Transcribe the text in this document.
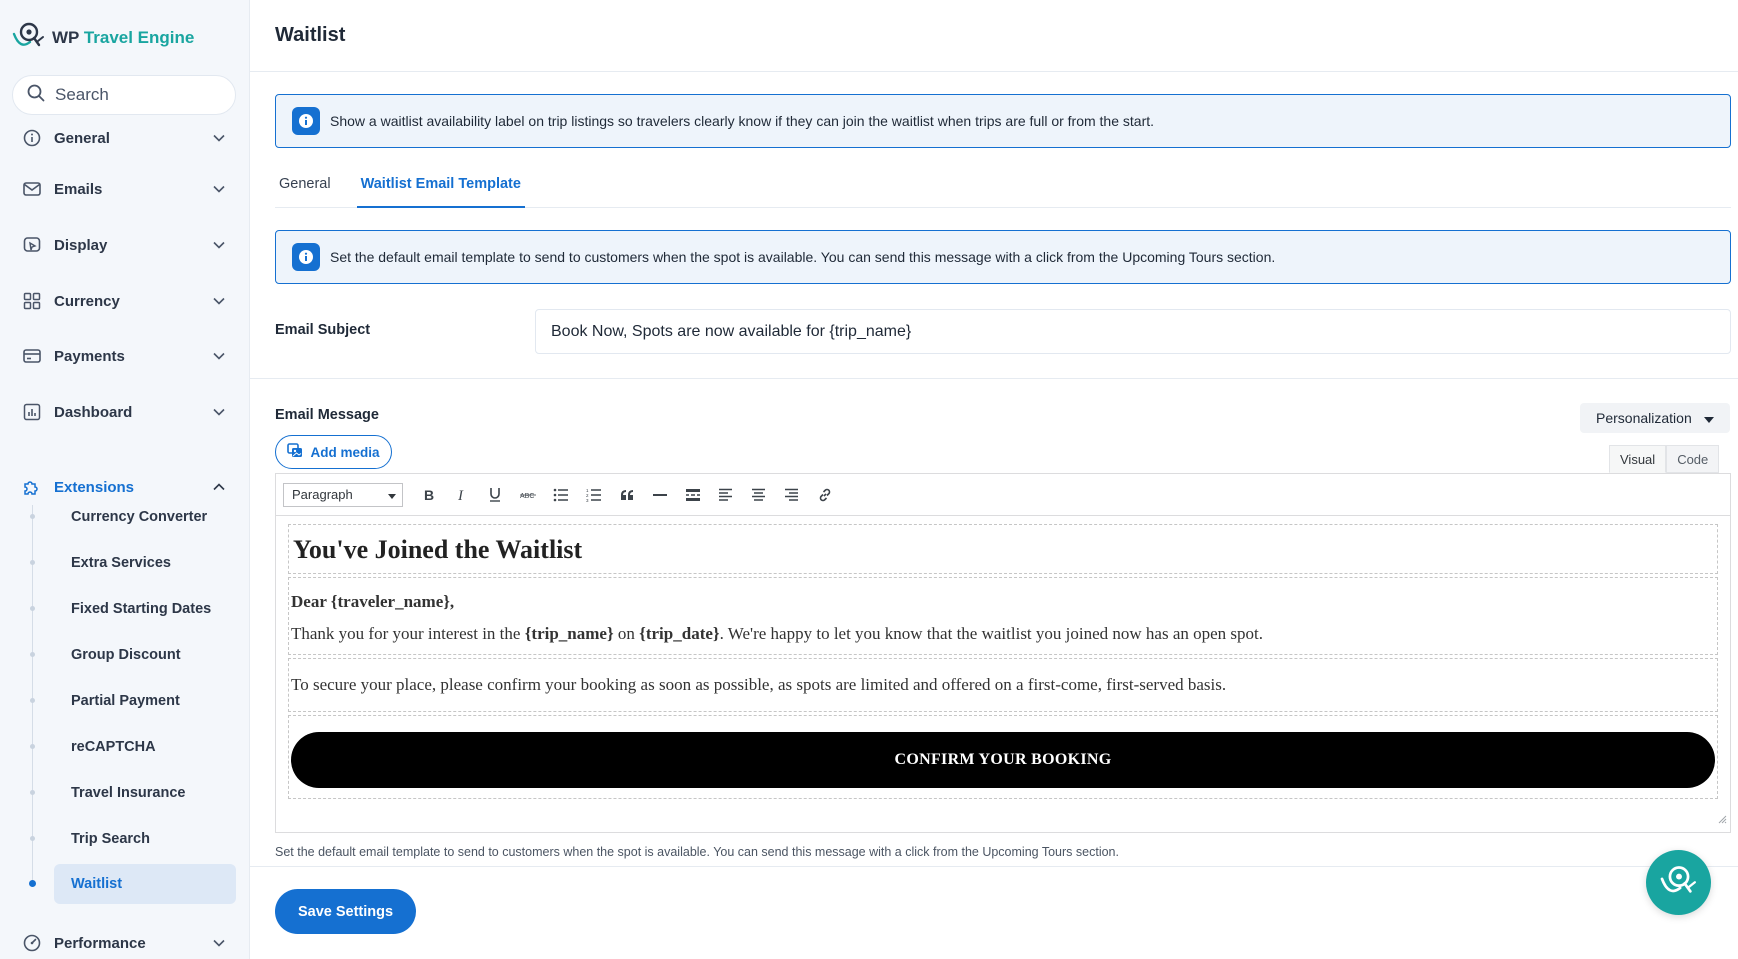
WP Travel Engine
Search
General
Emails
Display
Currency
Payments
Dashboard
Extensions
Currency Converter
Extra Services
Fixed Starting Dates
Group Discount
Partial Payment
reCAPTCHA
Travel Insurance
Trip Search
Waitlist
Performance
Waitlist
Show a waitlist availability label on trip listings so travelers clearly know if they can join the waitlist when trips are full or from the start.
General Waitlist Email Template
Set the default email template to send to customers when the spot is available. You can send this message with a click from the Upcoming Tours section.
Email Subject
Book Now, Spots are now available for {trip_name}
Email Message
Add media
Personalization
Visual	Code
Paragraph	B I	ABC
1
2
3
You've Joined the Waitlist
Dear {traveler_name},
Thank you for your interest in the {trip_name} on {trip_date}. We're happy to let you know that the waitlist you joined now has an open spot.
To secure your place, please confirm your booking as soon as possible, as spots are limited and offered on a first-come, first-served basis.
CONFIRM YOUR BOOKING

Set the default email template to send to customers when the spot is available. You can send this message with a click from the Upcoming Tours section.

Save Settings
